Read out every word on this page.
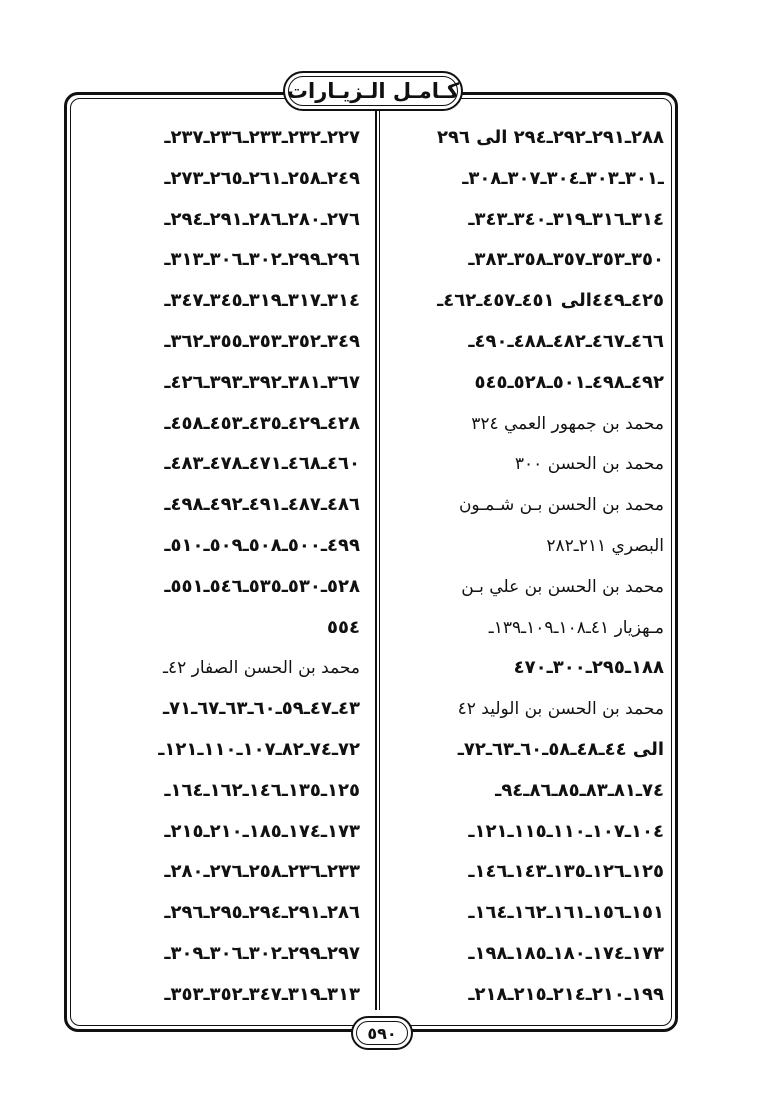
كـامـل الـزيـارات
٢٨٨ـ٢٩١ـ٢٩٢ـ٢٩٤ الى ٢٩٦
ـ٣٠١ـ٣٠٣ـ٣٠٤ـ٣٠٧ـ٣٠٨ـ
٣١٤ـ٣١٦ـ٣١٩ـ٣٤٠ـ٣٤٣ـ
٣٥٠ـ٣٥٣ـ٣٥٧ـ٣٥٨ـ٣٨٣ـ
٤٢٥ـ٤٤٩الى ٤٥١ـ٤٥٧ـ٤٦٢ـ
٤٦٦ـ٤٦٧ـ٤٨٢ـ٤٨٨ـ٤٩٠ـ
٤٩٢ـ٤٩٨ـ٥٠١ـ٥٢٨ـ٥٤٥
محمد بن جمهور العمي ٣٢٤
محمد بن الحسن ٣٠٠
محمد بن الحسن بـن شـمـون
البصري ٢١١ـ٢٨٢
محمد بن الحسن بن علي بـن
مـهزيار ٤١ـ١٠٨ـ١٠٩ـ١٣٩ـ
١٨٨ـ٢٩٥ـ٣٠٠ـ٤٧٠
محمد بن الحسن بن الوليد ٤٢
الى ٤٤ـ٤٨ـ٥٨ـ٦٠ـ٦٣ـ٧٢ـ
٧٤ـ٨١ـ٨٣ـ٨٥ـ٨٦ـ٩٤ـ
١٠٤ـ١٠٧ـ١١٠ـ١١٥ـ١٢١ـ
١٢٥ـ١٢٦ـ١٣٥ـ١٤٣ـ١٤٦ـ
١٥١ـ١٥٦ـ١٦١ـ١٦٢ـ١٦٤ـ
١٧٣ـ١٧٤ـ١٨٠ـ١٨٥ـ١٩٨ـ
١٩٩ـ٢١٠ـ٢١٤ـ٢١٥ـ٢١٨ـ
٢٢٧ـ٢٣٢ـ٢٣٣ـ٢٣٦ـ٢٣٧ـ
٢٤٩ـ٢٥٨ـ٢٦١ـ٢٦٥ـ٢٧٣ـ
٢٧٦ـ٢٨٠ـ٢٨٦ـ٢٩١ـ٢٩٤ـ
٢٩٦ـ٢٩٩ـ٣٠٢ـ٣٠٦ـ٣١٣ـ
٣١٤ـ٣١٧ـ٣١٩ـ٣٤٥ـ٣٤٧ـ
٣٤٩ـ٣٥٢ـ٣٥٣ـ٣٥٥ـ٣٦٢ـ
٣٦٧ـ٣٨١ـ٣٩٢ـ٣٩٣ـ٤٢٦ـ
٤٢٨ـ٤٢٩ـ٤٣٥ـ٤٥٣ـ٤٥٨ـ
٤٦٠ـ٤٦٨ـ٤٧١ـ٤٧٨ـ٤٨٣ـ
٤٨٦ـ٤٨٧ـ٤٩١ـ٤٩٢ـ٤٩٨ـ
٤٩٩ـ٥٠٠ـ٥٠٨ـ٥٠٩ـ٥١٠ـ
٥٢٨ـ٥٣٠ـ٥٣٥ـ٥٤٦ـ٥٥١ـ
٥٥٤
محمد بن الحسن الصفار ٤٢ـ
٤٣ـ٤٧ـ٥٩ـ٦٠ـ٦٣ـ٦٧ـ٧١ـ
٧٢ـ٧٤ـ٨٢ـ١٠٧ـ١١٠ـ١٢١ـ
١٢٥ـ١٣٥ـ١٤٦ـ١٦٢ـ١٦٤ـ
١٧٣ـ١٧٤ـ١٨٥ـ٢١٠ـ٢١٥ـ
٢٣٣ـ٢٣٦ـ٢٥٨ـ٢٧٦ـ٢٨٠ـ
٢٨٦ـ٢٩١ـ٢٩٤ـ٢٩٥ـ٢٩٦ـ
٢٩٧ـ٢٩٩ـ٣٠٢ـ٣٠٦ـ٣٠٩ـ
٣١٣ـ٣١٩ـ٣٤٧ـ٣٥٢ـ٣٥٣ـ
٥٩٠
